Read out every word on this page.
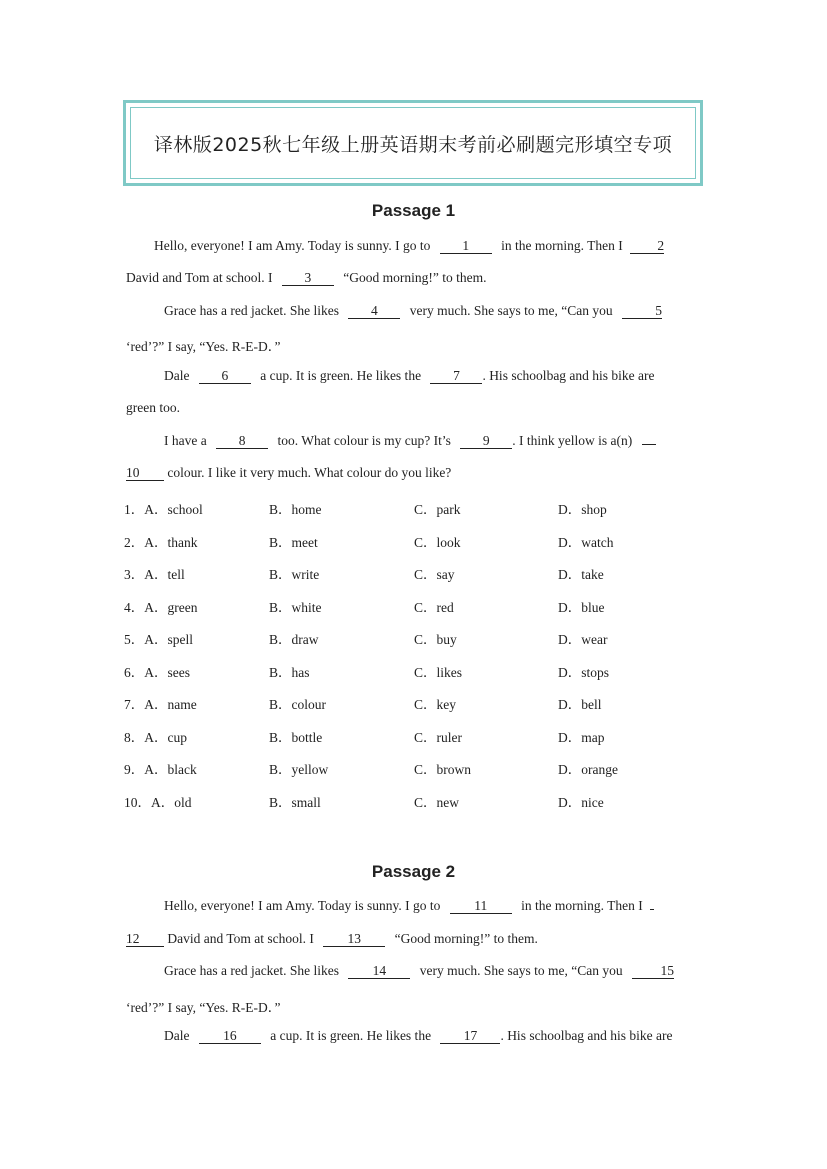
译林版2025秋七年级上册英语期末考前必刷题完形填空专项
Passage 1
Hello, everyone! I am Amy. Today is sunny. I go to 1 in the morning. Then I	2
David and Tom at school. I 3 “Good morning!” to them.
Grace has a red jacket. She likes 4 very much. She says to me, “Can you	5
‘red’?” I say, “Yes. R-E-D．”
Dale 6 a cup. It is green. He likes the 7 . His schoolbag and his bike are
green too.
I have a 8 too. What colour is my cup? It’s 9 . I think yellow is a(n)
10 colour. I like it very much. What colour do you like?
1．A．school	B．home	C．park	D．shop
2．A．thank	B．meet	C．look	D．watch
3．A．tell	B．write	C．say	D．take
4．A．green	B．white	C．red	D．blue
5．A．spell	B．draw	C．buy	D．wear
6．A．sees	B．has	C．likes	D．stops
7．A．name	B．colour	C．key	D．bell
8．A．cup	B．bottle	C．ruler	D．map
9．A．black	B．yellow	C．brown	D．orange
10．A．old	B．small	C．new	D．nice
Passage 2
Hello, everyone! I am Amy. Today is sunny. I go to	11	in the morning. Then I
12 David and Tom at school. I 13 “Good morning!” to them.
Grace has a red jacket. She likes 14 very much. She says to me, “Can you	15
‘red’?” I say, “Yes. R-E-D．”
Dale 16 a cup. It is green. He likes the 17 . His schoolbag and his bike are
